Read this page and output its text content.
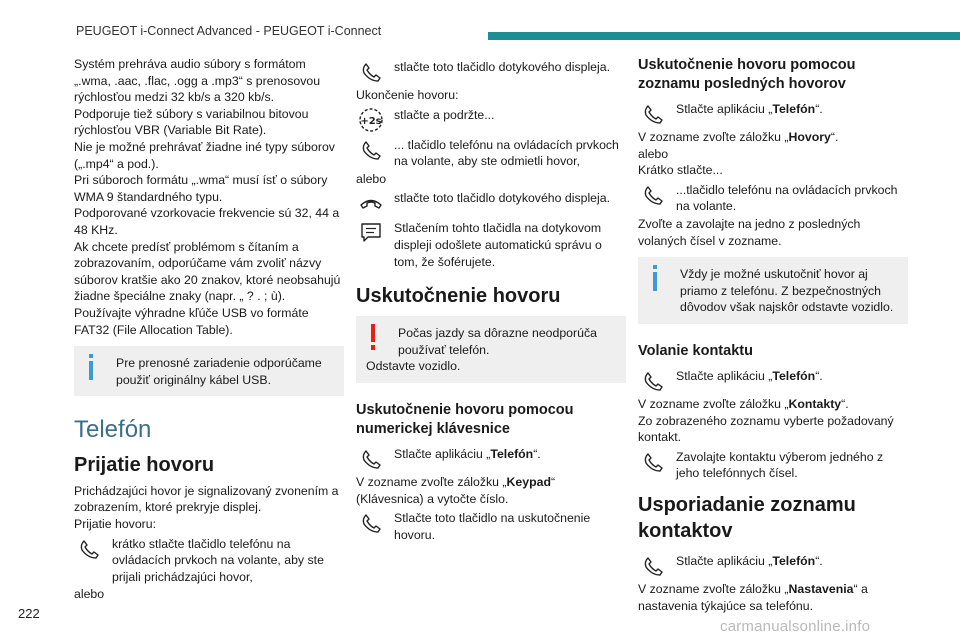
PEUGEOT i-Connect Advanced - PEUGEOT i-Connect

Systém prehráva audio súbory s formátom „.wma, .aac, .flac, .ogg a .mp3“ s prenosovou rýchlosťou medzi 32 kb/s a 320 kb/s.

Podporuje tiež súbory s variabilnou bitovou rýchlosťou VBR (Variable Bit Rate).

Nie je možné prehrávať žiadne iné typy súborov („.mp4“ a pod.).

Pri súboroch formátu „.wma“ musí ísť o súbory WMA 9 štandardného typu.

Podporované vzorkovacie frekvencie sú 32, 44 a 48 KHz.

Ak chcete predísť problémom s čítaním a zobrazovaním, odporúčame vám zvoliť názvy súborov kratšie ako 20 znakov, ktoré neobsahujú žiadne špeciálne znaky (napr. „ ? . ; ù).

Používajte výhradne kľúče USB vo formáte FAT32 (File Allocation Table).

Pre prenosné zariadenie odporúčame použiť originálny kábel USB.
Telefón
Prijatie hovoru

Prichádzajúci hovor je signalizovaný zvonením a zobrazením, ktoré prekryje displej.

Prijatie hovoru:

krátko stlačte tlačidlo telefónu na ovládacích prvkoch na volante, aby ste prijali prichádzajúci hovor,

alebo

stlačte toto tlačidlo dotykového displeja.

Ukončenie hovoru:

+2s stlačte a podržte...
... tlačidlo telefónu na ovládacích prvkoch na volante, aby ste odmietli hovor,

alebo

stlačte toto tlačidlo dotykového displeja.
Stlačením tohto tlačidla na dotykovom displeji odošlete automatickú správu o tom, že šoférujete.
Uskutočnenie hovoru
Počas jazdy sa dôrazne neodporúča používať telefón.

Odstavte vozidlo.

Uskutočnenie hovoru pomocou numerickej klávesnice
Stlačte aplikáciu „Telefón“.

V zozname zvoľte záložku „Keypad“ (Klávesnica) a vytočte číslo.

Stlačte toto tlačidlo na uskutočnenie hovoru.
Uskutočnenie hovoru pomocou zoznamu posledných hovorov
Stlačte aplikáciu „Telefón“.

V zozname zvoľte záložku „Hovory“.

alebo

Krátko stlačte...

...tlačidlo telefónu na ovládacích prvkoch na volante.

Zvoľte a zavolajte na jedno z posledných volaných čísel v zozname.

Vždy je možné uskutočniť hovor aj priamo z telefónu. Z bezpečnostných dôvodov však najskôr odstavte vozidlo.
Volanie kontaktu
Stlačte aplikáciu „Telefón“.

V zozname zvoľte záložku „Kontakty“.

Zo zobrazeného zoznamu vyberte požadovaný kontakt.

Zavolajte kontaktu výberom jedného z jeho telefónnych čísel.
Usporiadanie zoznamu kontaktov
Stlačte aplikáciu „Telefón“.

V zozname zvoľte záložku „Nastavenia“ a nastavenia týkajúce sa telefónu.

222
carmanualsonline.info
